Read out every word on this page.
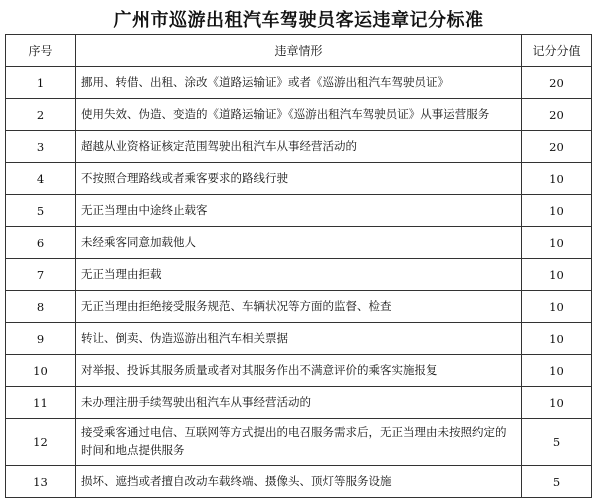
广州市巡游出租汽车驾驶员客运违章记分标准
序号	违章情形	记分分值
1	挪用、转借、出租、涂改《道路运输证》或者《巡游出租汽车驾驶员证》	20
2	使用失效、伪造、变造的《道路运输证》《巡游出租汽车驾驶员证》从事运营服务	20
3	超越从业资格证核定范围驾驶出租汽车从事经营活动的	20
4	不按照合理路线或者乘客要求的路线行驶	10
5	无正当理由中途终止载客	10
6	未经乘客同意加载他人	10
7	无正当理由拒载	10
8	无正当理由拒绝接受服务规范、车辆状况等方面的监督、检查	10
9	转让、倒卖、伪造巡游出租汽车相关票据	10
10	对举报、投诉其服务质量或者对其服务作出不满意评价的乘客实施报复	10
11	未办理注册手续驾驶出租汽车从事经营活动的	10
12	接受乘客通过电信、互联网等方式提出的电召服务需求后，无正当理由未按照约定的时间和地点提供服务	5
13	损坏、遮挡或者擅自改动车载终端、摄像头、顶灯等服务设施	5
